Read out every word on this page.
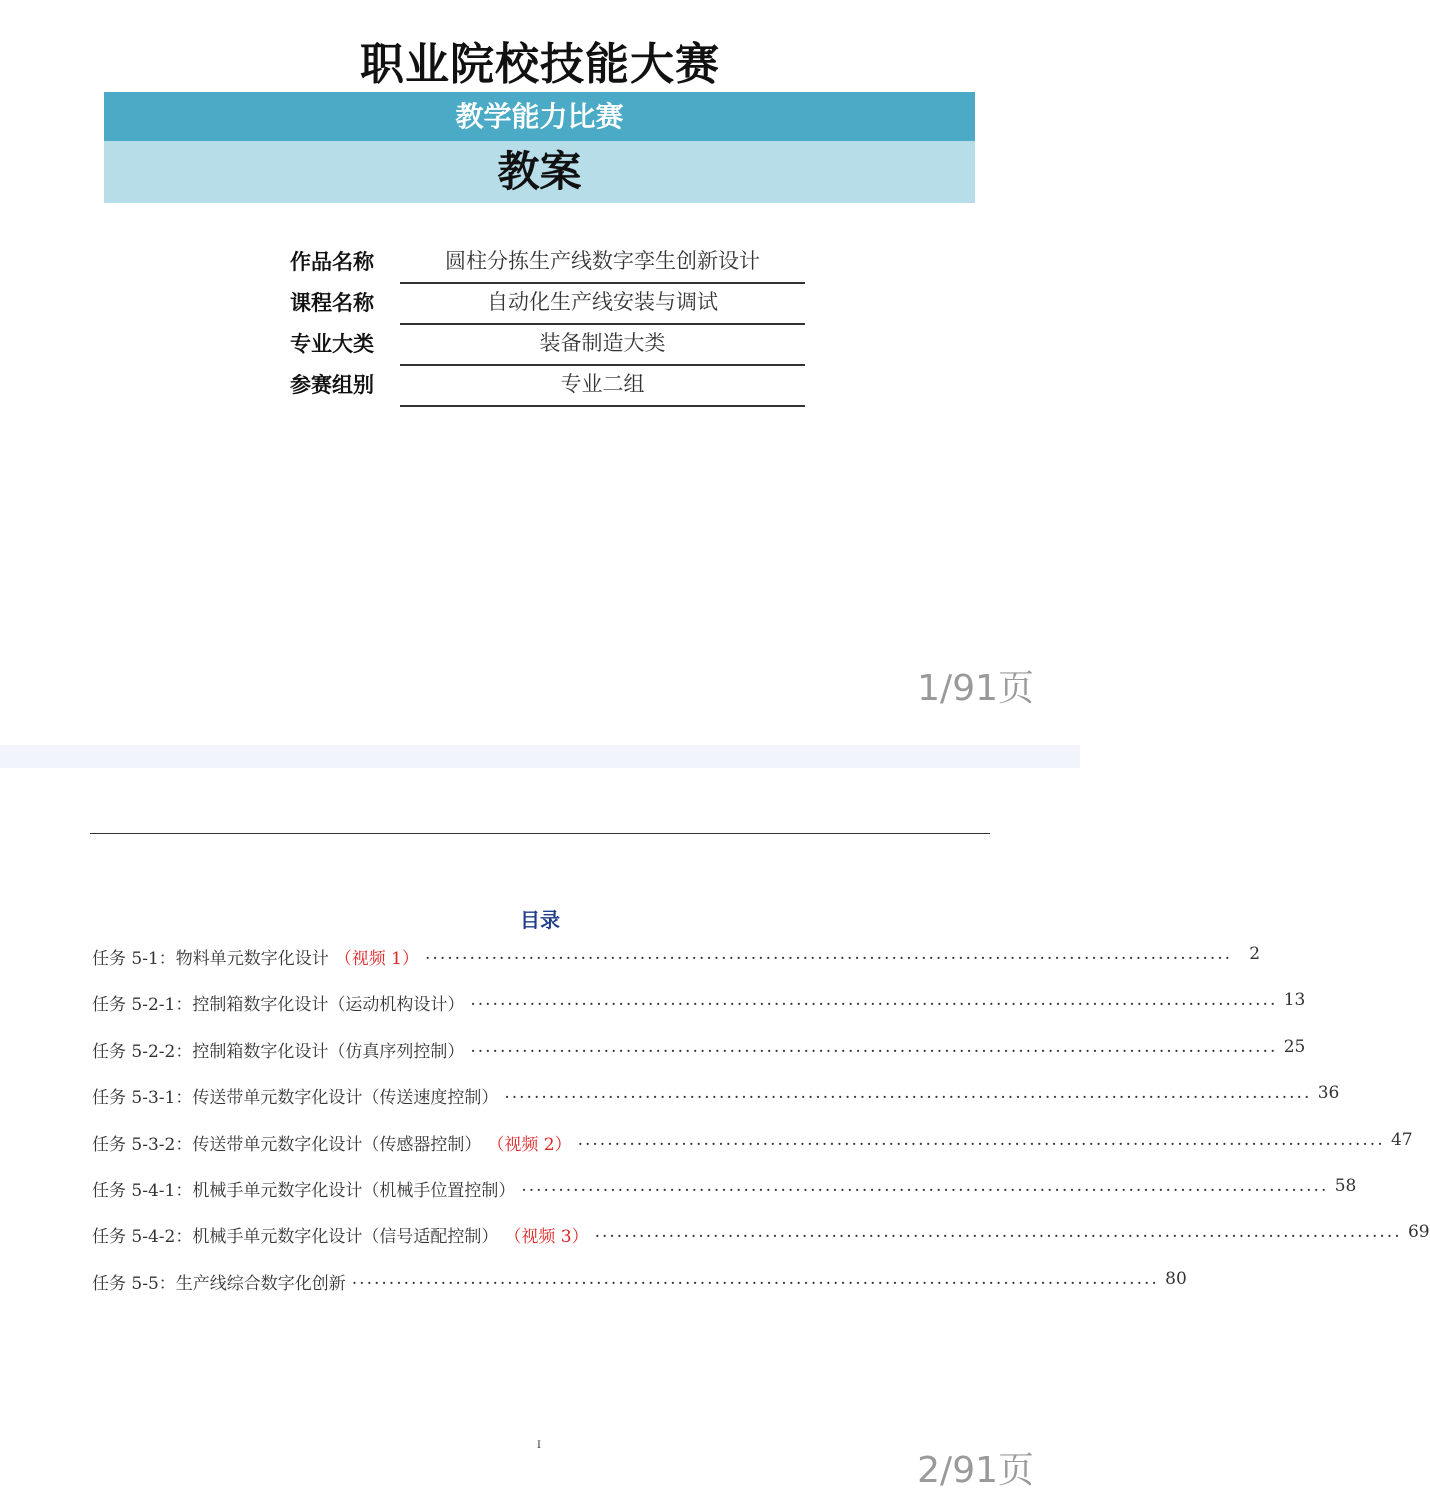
职业院校技能大赛
教学能力比赛
教案
作品名称	圆柱分拣生产线数字孪生创新设计
课程名称	自动化生产线安装与调试
专业大类	装备制造大类
参赛组别	专业二组
1/91页
目录
任务 5-1：物料单元数字化设计 （视频 1） .............................................................................................................	2
任务 5-2-1：控制箱数字化设计（运动机构设计） ............................................................................................................. 13
任务 5-2-2：控制箱数字化设计（仿真序列控制） ............................................................................................................. 25
任务 5-3-1：传送带单元数字化设计（传送速度控制） ............................................................................................................. 36
任务 5-3-2：传送带单元数字化设计（传感器控制） （视频 2） ............................................................................................................. 47
任务 5-4-1：机械手单元数字化设计（机械手位置控制） ............................................................................................................. 58
任务 5-4-2：机械手单元数字化设计（信号适配控制） （视频 3） ............................................................................................................. 69
任务 5-5：生产线综合数字化创新 ............................................................................................................. 80
I
2/91页
